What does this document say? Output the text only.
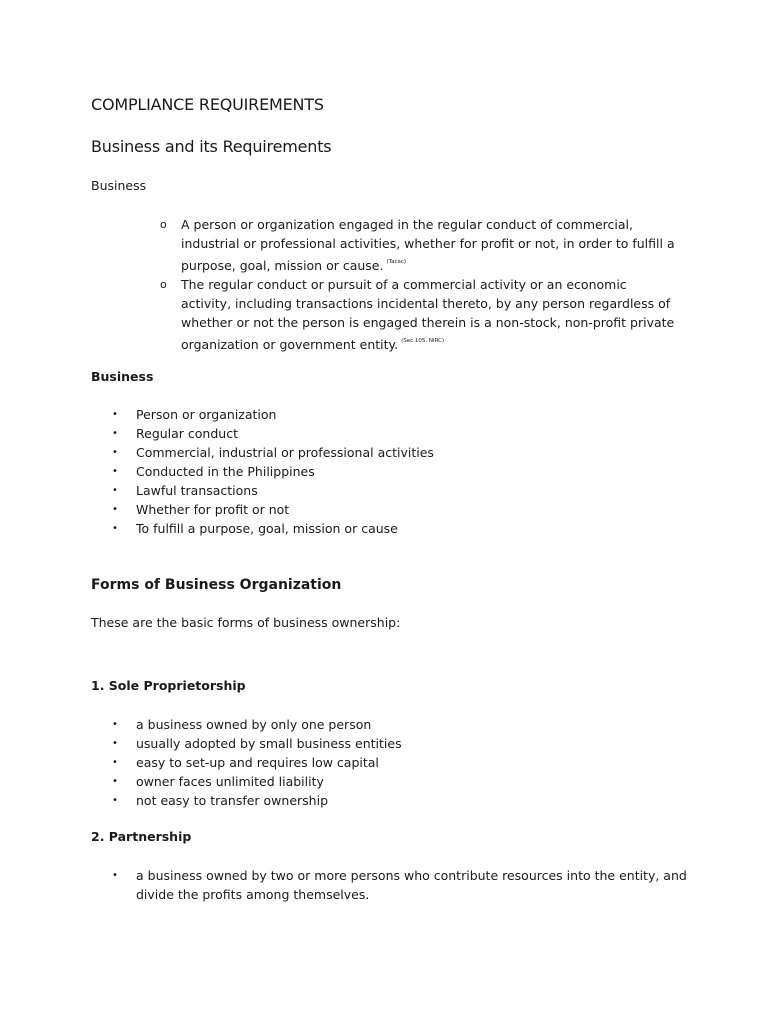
COMPLIANCE REQUIREMENTS
Business and its Requirements
Business
o A person or organization engaged in the regular conduct of commercial, industrial or professional activities, whether for profit or not, in order to fulfill a purpose, goal, mission or cause. $^{(Tacac)}$
o The regular conduct or pursuit of a commercial activity or an economic activity, including transactions incidental thereto, by any person regardless of whether or not the person is engaged therein is a non-stock, non-profit private organization or government entity. $^{(Sec 105, NIRC)}$
Business
• Person or organization
• Regular conduct
• Commercial, industrial or professional activities
• Conducted in the Philippines
• Lawful transactions
• Whether for profit or not
• To fulfill a purpose, goal, mission or cause
Forms of Business Organization
These are the basic forms of business ownership:
1. Sole Proprietorship
• a business owned by only one person
• usually adopted by small business entities
• easy to set-up and requires low capital
• owner faces unlimited liability
• not easy to transfer ownership
2. Partnership
• a business owned by two or more persons who contribute resources into the entity, and divide the profits among themselves.
